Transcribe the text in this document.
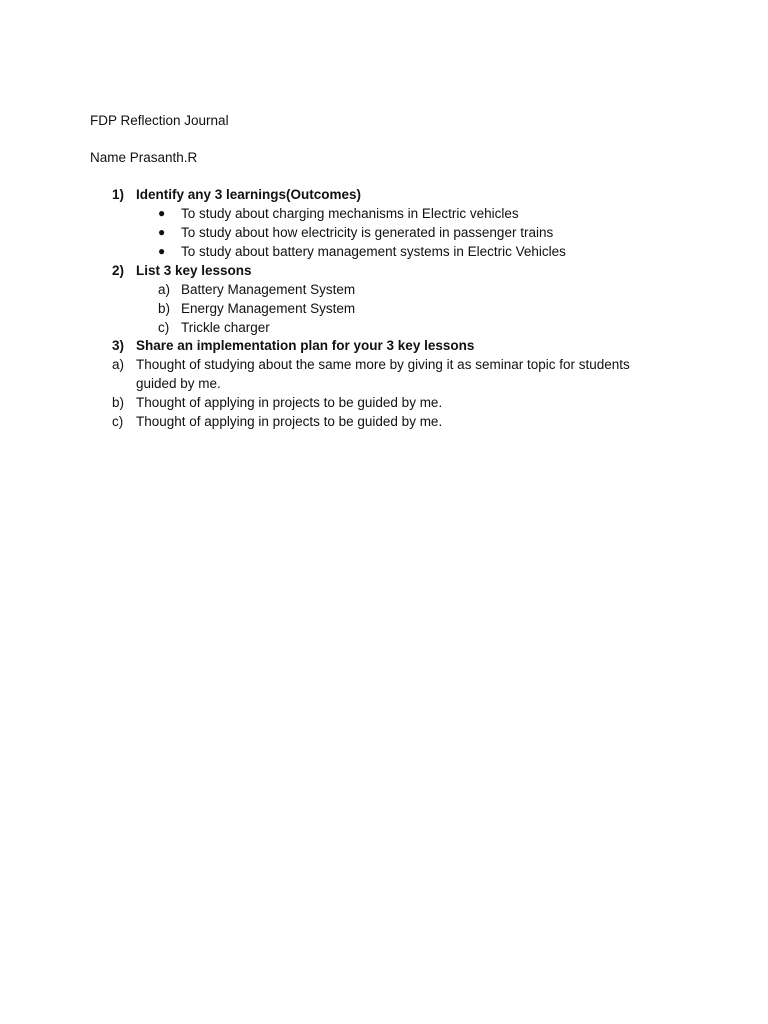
FDP Reflection Journal
Name Prasanth.R
1) Identify any 3 learnings(Outcomes)
● To study about charging mechanisms in Electric vehicles
● To study about how electricity is generated in passenger trains
● To study about battery management systems in Electric Vehicles
2) List 3 key lessons
a) Battery Management System
b) Energy Management System
c) Trickle charger
3) Share an implementation plan for your 3 key lessons
a) Thought of studying about the same more by giving it as seminar topic for students
guided by me.
b) Thought of applying in projects to be guided by me.
c) Thought of applying in projects to be guided by me.
